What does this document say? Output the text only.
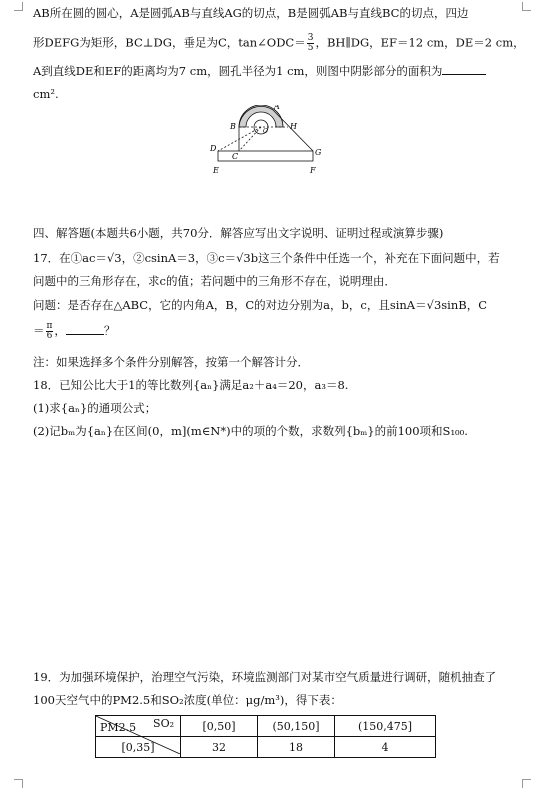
AB所在圆的圆心，A是圆弧AB与直线AG的切点，B是圆弧AB与直线BC的切点，四边
形DEFG为矩形，BC⊥DG，垂足为C，tan∠ODC＝ $\frac{3}{5}$ ，BH∥DG，EF＝12 cm，DE＝2 cm，
A到直线DE和EF的距离均为7 cm，圆孔半径为1 cm，则图中阴影部分的面积为
cm².
A
B	H
O
D
C	G
E	F
四、解答题(本题共6小题，共70分．解答应写出文字说明、证明过程或演算步骤)
17．在①ac＝√3，②csinA＝3，③c＝√3b这三个条件中任选一个，补充在下面问题中，若
问题中的三角形存在，求c的值；若问题中的三角形不存在，说明理由．
问题：是否存在△ABC，它的内角A，B，C的对边分别为a，b，c，且sinA＝√3sinB，C
＝ $\frac{\pi}{6}$ ，	？
注：如果选择多个条件分别解答，按第一个解答计分．
18．已知公比大于1的等比数列{aₙ}满足a₂＋a₄＝20，a₃＝8.
(1)求{aₙ}的通项公式；
(2)记bₘ为{aₙ}在区间(0，m](m∈N*)中的项的个数，求数列{bₘ}的前100项和S₁₀₀.
19．为加强环境保护，治理空气污染，环境监测部门对某市空气质量进行调研，随机抽查了
100天空气中的PM2.5和SO₂浓度(单位：μg/m³)，得下表：
SO₂
PM2.5	[0,50]	(50,150]	(150,475]
[0,35]	32	18	4
